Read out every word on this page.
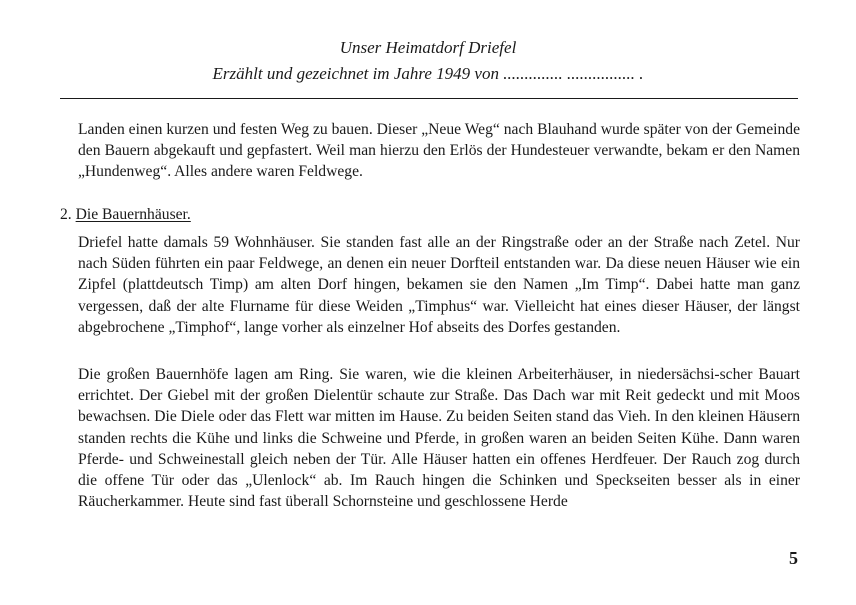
Unser Heimatdorf Driefel
Erzählt und gezeichnet im Jahre 1949 von .............. ................ .

Landen einen kurzen und festen Weg zu bauen. Dieser „Neue Weg“ nach Blauhand wurde später von der Gemeinde den Bauern abgekauft und gepfastert. Weil man hierzu den Erlös der Hundesteuer verwandte, bekam er den Namen „Hundenweg“. Alles andere waren Feldwege.

2. Die Bauernhäuser.

Driefel hatte damals 59 Wohnhäuser. Sie standen fast alle an der Ringstraße oder an der Straße nach Zetel. Nur nach Süden führten ein paar Feldwege, an denen ein neuer Dorfteil entstanden war. Da diese neuen Häuser wie ein Zipfel (plattdeutsch Timp) am alten Dorf hingen, bekamen sie den Namen „Im Timp“. Dabei hatte man ganz vergessen, daß der alte Flurname für diese Weiden „Timphus“ war. Vielleicht hat eines dieser Häuser, der längst abgebrochene „Timphof“, lange vorher als einzelner Hof abseits des Dorfes gestanden.

Die großen Bauernhöfe lagen am Ring. Sie waren, wie die kleinen Arbeiterhäuser, in niedersächsi-scher Bauart errichtet. Der Giebel mit der großen Dielentür schaute zur Straße. Das Dach war mit Reit gedeckt und mit Moos bewachsen. Die Diele oder das Flett war mitten im Hause. Zu beiden Seiten stand das Vieh. In den kleinen Häusern standen rechts die Kühe und links die Schweine und Pferde, in großen waren an beiden Seiten Kühe. Dann waren Pferde- und Schweinestall gleich neben der Tür. Alle Häuser hatten ein offenes Herdfeuer. Der Rauch zog durch die offene Tür oder das „Ulenlock“ ab. Im Rauch hingen die Schinken und Speckseiten besser als in einer Räucherkammer. Heute sind fast überall Schornsteine und geschlossene Herde

5
